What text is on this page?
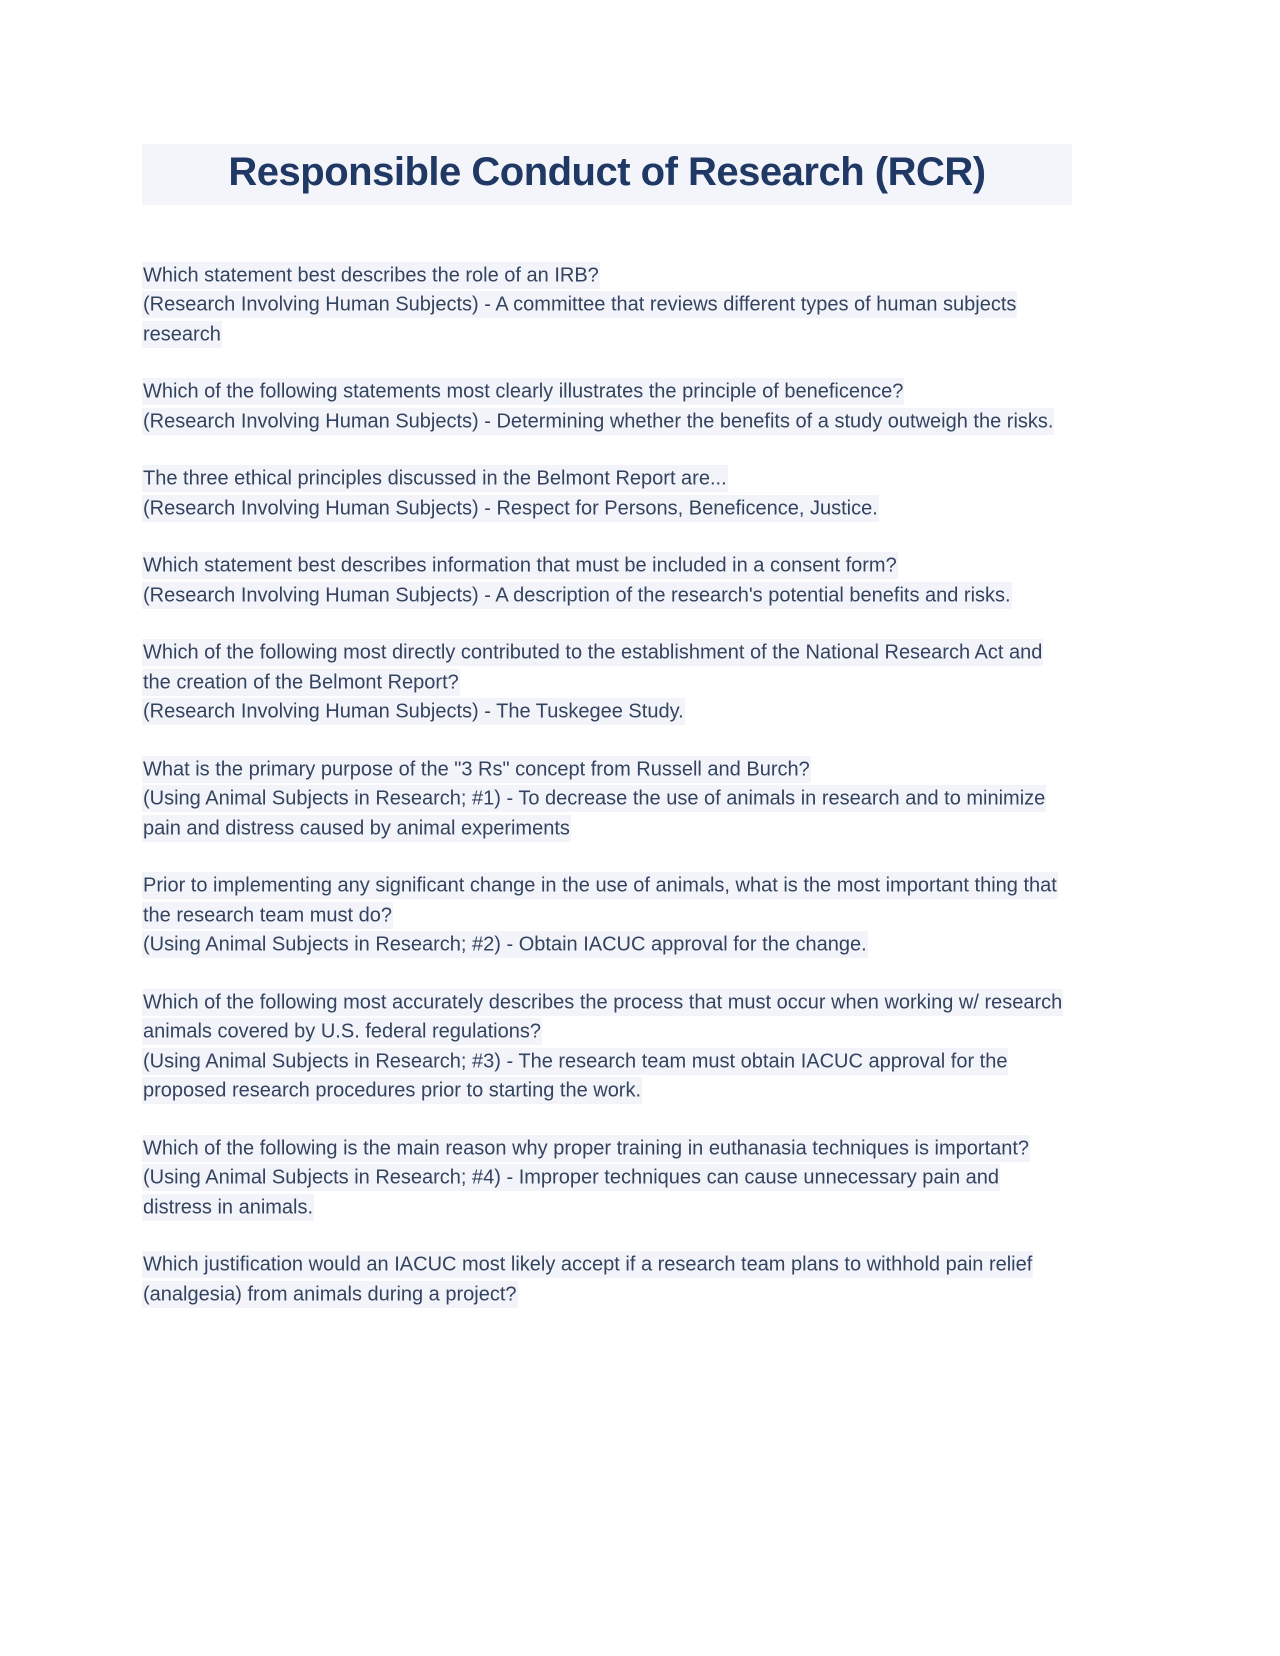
Responsible Conduct of Research (RCR)
Which statement best describes the role of an IRB?
(Research Involving Human Subjects) - A committee that reviews different types of human subjects research
Which of the following statements most clearly illustrates the principle of beneficence?
(Research Involving Human Subjects) - Determining whether the benefits of a study outweigh the risks.
The three ethical principles discussed in the Belmont Report are...
(Research Involving Human Subjects) - Respect for Persons, Beneficence, Justice.
Which statement best describes information that must be included in a consent form?
(Research Involving Human Subjects) - A description of the research's potential benefits and risks.
Which of the following most directly contributed to the establishment of the National Research Act and the creation of the Belmont Report?
(Research Involving Human Subjects) - The Tuskegee Study.
What is the primary purpose of the "3 Rs" concept from Russell and Burch?
(Using Animal Subjects in Research; #1) - To decrease the use of animals in research and to minimize pain and distress caused by animal experiments
Prior to implementing any significant change in the use of animals, what is the most important thing that the research team must do?
(Using Animal Subjects in Research; #2) - Obtain IACUC approval for the change.
Which of the following most accurately describes the process that must occur when working w/ research animals covered by U.S. federal regulations?
(Using Animal Subjects in Research; #3) - The research team must obtain IACUC approval for the proposed research procedures prior to starting the work.
Which of the following is the main reason why proper training in euthanasia techniques is important?
(Using Animal Subjects in Research; #4) - Improper techniques can cause unnecessary pain and distress in animals.
Which justification would an IACUC most likely accept if a research team plans to withhold pain relief (analgesia) from animals during a project?
